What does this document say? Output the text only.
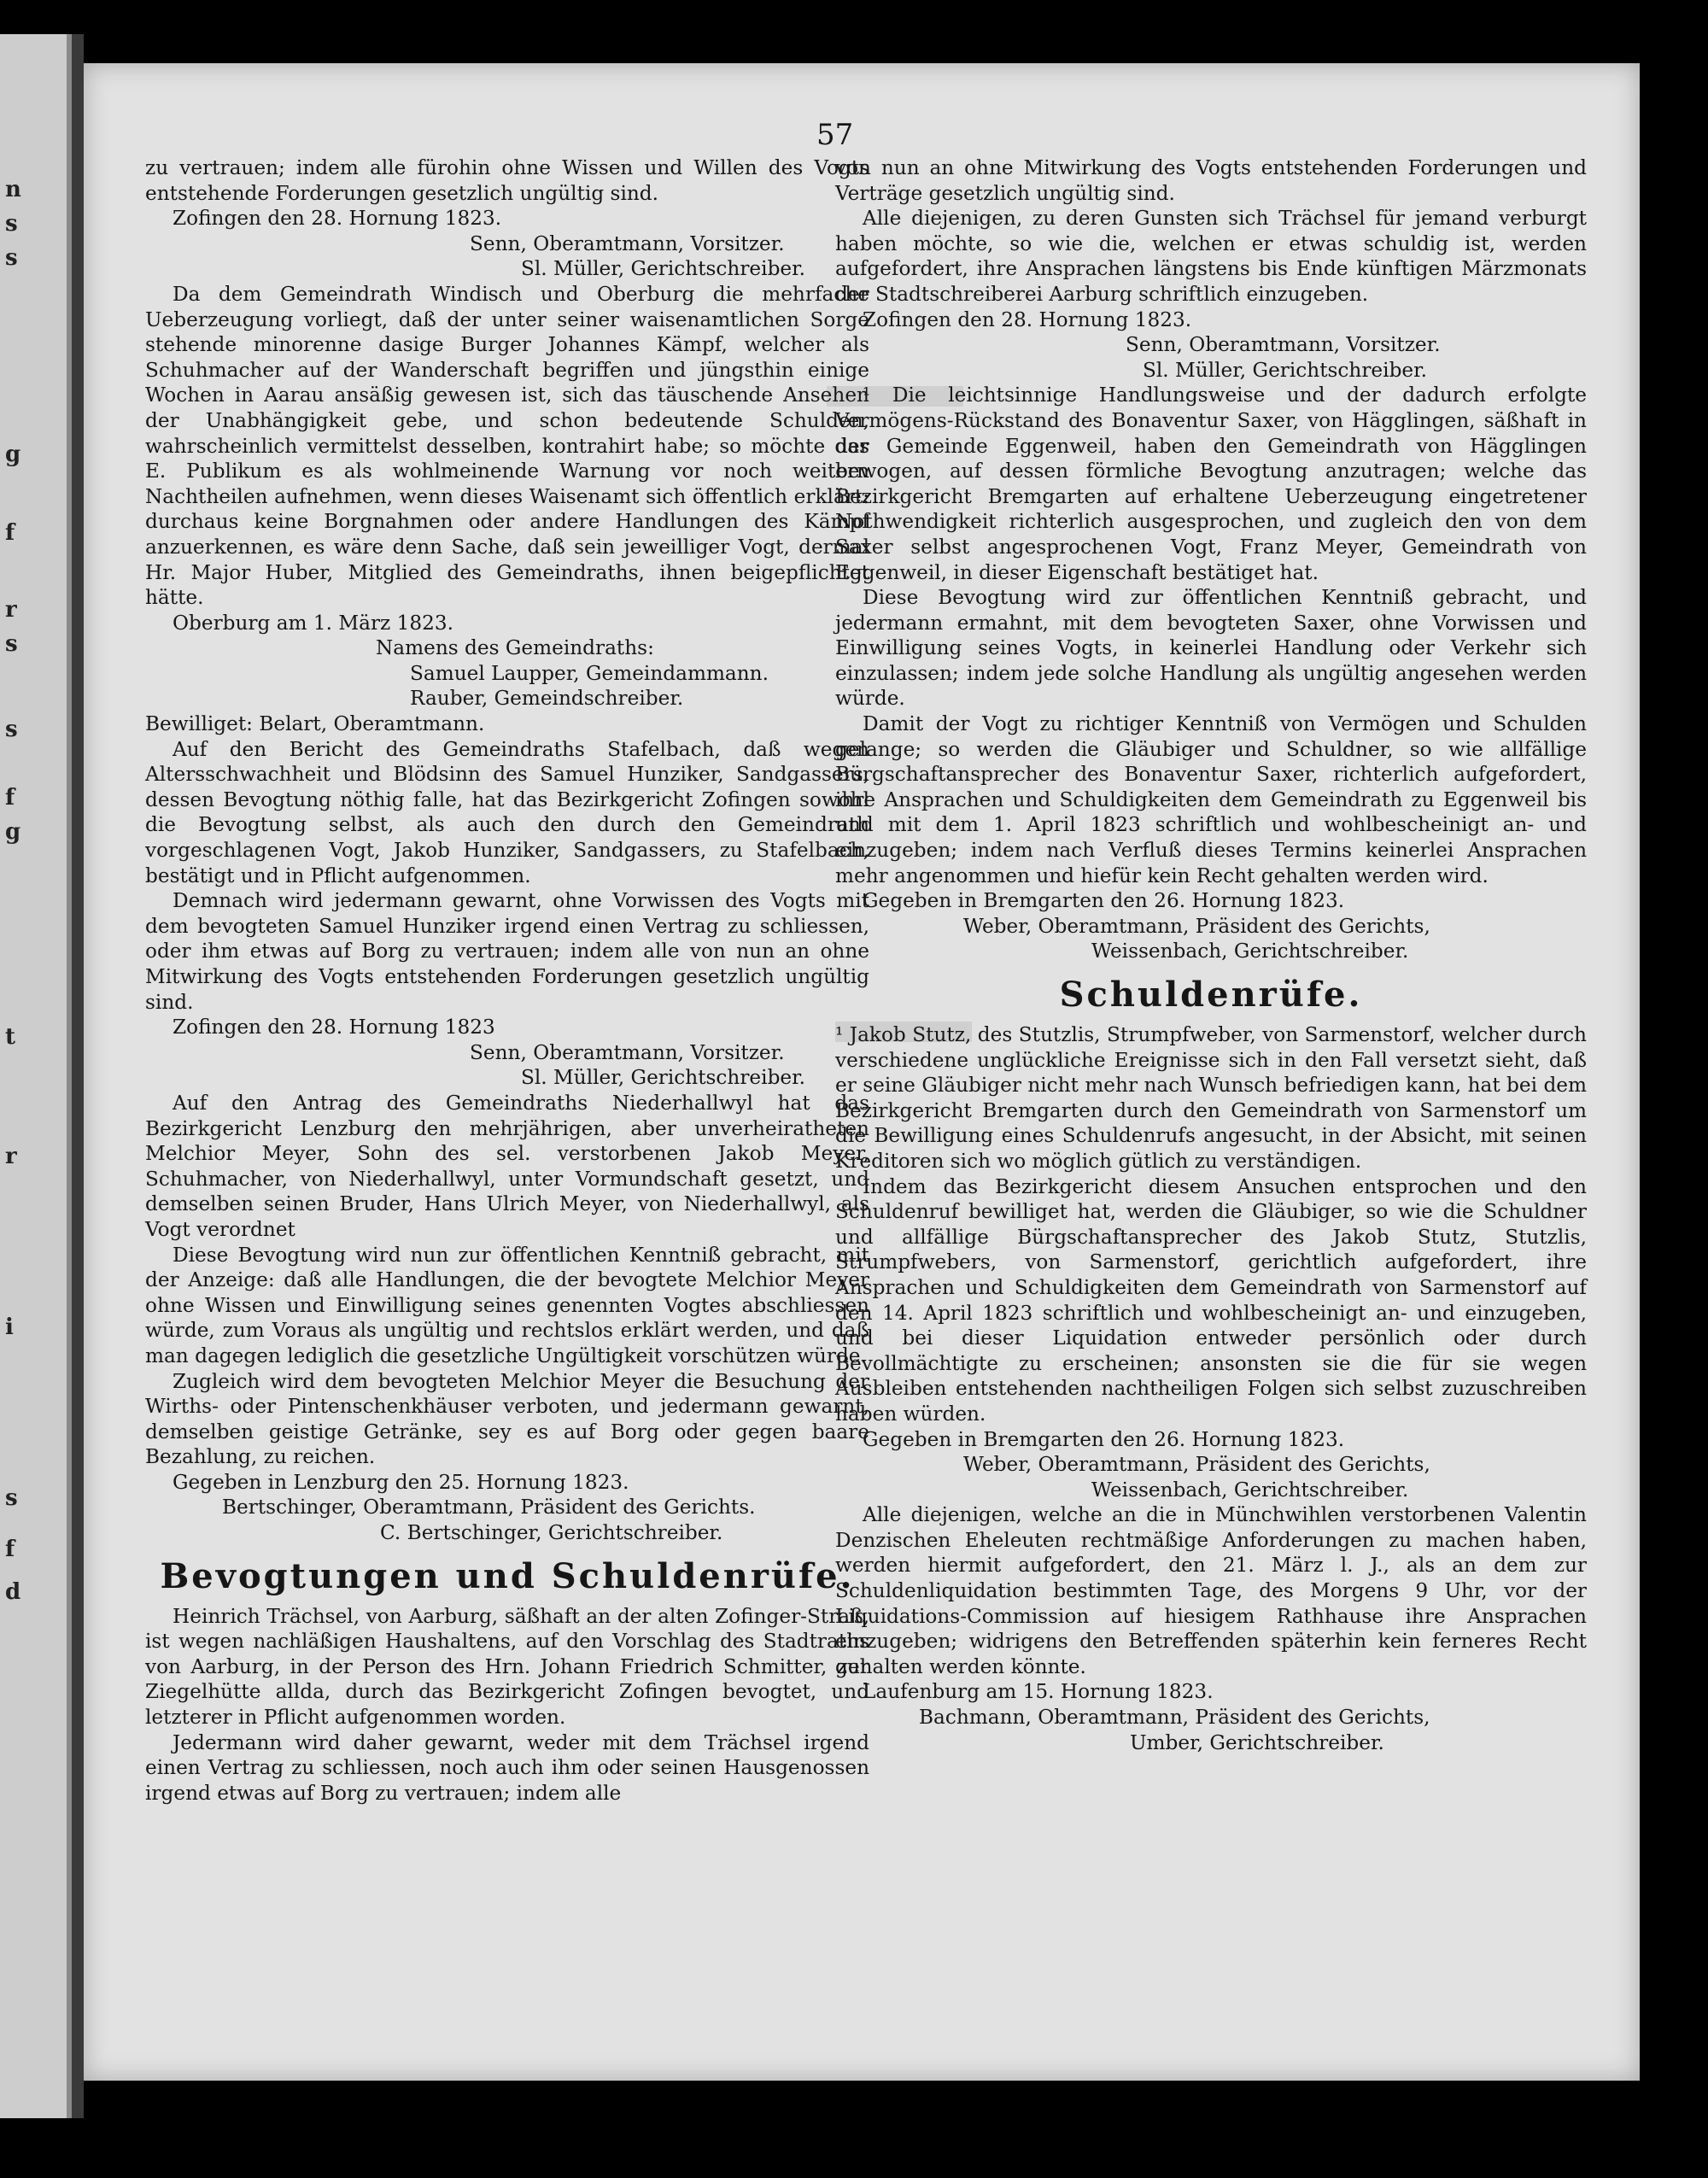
n
s
s
g
f
r
s
s
f
g
t
r
i
s
f
d
57

zu vertrauen; indem alle fürohin ohne Wissen und Willen des Vogts entstehende Forderungen gesetzlich ungültig sind.

Zofingen den 28. Hornung 1823.

Senn, Oberamtmann, Vorsitzer.

Sl. Müller, Gerichtschreiber.

Da dem Gemeindrath Windisch und Oberburg die mehrfache Ueberzeugung vorliegt, daß der unter seiner waisenamtlichen Sorge stehende minorenne dasige Burger Johannes Kämpf, welcher als Schuhmacher auf der Wanderschaft begriffen und jüngsthin einige Wochen in Aarau ansäßig gewesen ist, sich das täuschende Ansehen der Unabhängigkeit gebe, und schon bedeutende Schulden, wahrscheinlich vermittelst desselben, kontrahirt habe; so möchte das E. Publikum es als wohlmeinende Warnung vor noch weitern Nachtheilen aufnehmen, wenn dieses Waisenamt sich öffentlich erklärt: durchaus keine Borgnahmen oder andere Handlungen des Kämpf anzuerkennen, es wäre denn Sache, daß sein jeweilliger Vogt, dermal Hr. Major Huber, Mitglied des Gemeindraths, ihnen beigepflichtet hätte.

Oberburg am 1. März 1823.

Namens des Gemeindraths:

Samuel Laupper, Gemeindammann.

Rauber, Gemeindschreiber.

Bewilliget: Belart, Oberamtmann.

Auf den Bericht des Gemeindraths Stafelbach, daß wegen Altersschwachheit und Blödsinn des Samuel Hunziker, Sandgassers, dessen Bevogtung nöthig falle, hat das Bezirkgericht Zofingen sowohl die Bevogtung selbst, als auch den durch den Gemeindrath vorgeschlagenen Vogt, Jakob Hunziker, Sandgassers, zu Stafelbach, bestätigt und in Pflicht aufgenommen.

Demnach wird jedermann gewarnt, ohne Vorwissen des Vogts mit dem bevogteten Samuel Hunziker irgend einen Vertrag zu schliessen, oder ihm etwas auf Borg zu vertrauen; indem alle von nun an ohne Mitwirkung des Vogts entstehenden Forderungen gesetzlich ungültig sind.

Zofingen den 28. Hornung 1823

Senn, Oberamtmann, Vorsitzer.

Sl. Müller, Gerichtschreiber.

Auf den Antrag des Gemeindraths Niederhallwyl hat das Bezirkgericht Lenzburg den mehrjährigen, aber unverheiratheten Melchior Meyer, Sohn des sel. verstorbenen Jakob Meyer, Schuhmacher, von Niederhallwyl, unter Vormundschaft gesetzt, und demselben seinen Bruder, Hans Ulrich Meyer, von Niederhallwyl, als Vogt verordnet

Diese Bevogtung wird nun zur öffentlichen Kenntniß gebracht, mit der Anzeige: daß alle Handlungen, die der bevogtete Melchior Meyer ohne Wissen und Einwilligung seines genennten Vogtes abschliessen würde, zum Voraus als ungültig und rechtslos erklärt werden, und daß man dagegen lediglich die gesetzliche Ungültigkeit vorschützen würde.

Zugleich wird dem bevogteten Melchior Meyer die Besuchung der Wirths- oder Pintenschenkhäuser verboten, und jedermann gewarnt, demselben geistige Getränke, sey es auf Borg oder gegen baare Bezahlung, zu reichen.

Gegeben in Lenzburg den 25. Hornung 1823.

Bertschinger, Oberamtmann, Präsident des Gerichts.

C. Bertschinger, Gerichtschreiber.

Bevogtungen und Schuldenrüfe.

Heinrich Trächsel, von Aarburg, säßhaft an der alten Zofinger-Straß, ist wegen nachläßigen Haushaltens, auf den Vorschlag des Stadtraths von Aarburg, in der Person des Hrn. Johann Friedrich Schmitter, zur Ziegelhütte allda, durch das Bezirkgericht Zofingen bevogtet, und letzterer in Pflicht aufgenommen worden.

Jedermann wird daher gewarnt, weder mit dem Trächsel irgend einen Vertrag zu schliessen, noch auch ihm oder seinen Hausgenossen irgend etwas auf Borg zu vertrauen; indem alle

von nun an ohne Mitwirkung des Vogts entstehenden Forderungen und Verträge gesetzlich ungültig sind.

Alle diejenigen, zu deren Gunsten sich Trächsel für jemand verburgt haben möchte, so wie die, welchen er etwas schuldig ist, werden aufgefordert, ihre Ansprachen längstens bis Ende künftigen Märzmonats der Stadtschreiberei Aarburg schriftlich einzugeben.

Zofingen den 28. Hornung 1823.

Senn, Oberamtmann, Vorsitzer.

Sl. Müller, Gerichtschreiber.

¹ Die leichtsinnige Handlungsweise und der dadurch erfolgte Vermögens-Rückstand des Bonaventur Saxer, von Hägglingen, säßhaft in der Gemeinde Eggenweil, haben den Gemeindrath von Hägglingen bewogen, auf dessen förmliche Bevogtung anzutragen; welche das Bezirkgericht Bremgarten auf erhaltene Ueberzeugung eingetretener Nothwendigkeit richterlich ausgesprochen, und zugleich den von dem Saxer selbst angesprochenen Vogt, Franz Meyer, Gemeindrath von Eggenweil, in dieser Eigenschaft bestätiget hat.

Diese Bevogtung wird zur öffentlichen Kenntniß gebracht, und jedermann ermahnt, mit dem bevogteten Saxer, ohne Vorwissen und Einwilligung seines Vogts, in keinerlei Handlung oder Verkehr sich einzulassen; indem jede solche Handlung als ungültig angesehen werden würde.

Damit der Vogt zu richtiger Kenntniß von Vermögen und Schulden gelange; so werden die Gläubiger und Schuldner, so wie allfällige Bürgschaftansprecher des Bonaventur Saxer, richterlich aufgefordert, ihre Ansprachen und Schuldigkeiten dem Gemeindrath zu Eggenweil bis und mit dem 1. April 1823 schriftlich und wohlbescheinigt an- und einzugeben; indem nach Verfluß dieses Termins keinerlei Ansprachen mehr angenommen und hiefür kein Recht gehalten werden wird.

Gegeben in Bremgarten den 26. Hornung 1823.

Weber, Oberamtmann, Präsident des Gerichts,

Weissenbach, Gerichtschreiber.

Schuldenrüfe.

¹ Jakob Stutz, des Stutzlis, Strumpfweber, von Sarmenstorf, welcher durch verschiedene unglückliche Ereignisse sich in den Fall versetzt sieht, daß er seine Gläubiger nicht mehr nach Wunsch befriedigen kann, hat bei dem Bezirkgericht Bremgarten durch den Gemeindrath von Sarmenstorf um die Bewilligung eines Schuldenrufs angesucht, in der Absicht, mit seinen Kreditoren sich wo möglich gütlich zu verständigen.

Indem das Bezirkgericht diesem Ansuchen entsprochen und den Schuldenruf bewilliget hat, werden die Gläubiger, so wie die Schuldner und allfällige Bürgschaftansprecher des Jakob Stutz, Stutzlis, Strumpfwebers, von Sarmenstorf, gerichtlich aufgefordert, ihre Ansprachen und Schuldigkeiten dem Gemeindrath von Sarmenstorf auf den 14. April 1823 schriftlich und wohlbescheinigt an- und einzugeben, und bei dieser Liquidation entweder persönlich oder durch Bevollmächtigte zu erscheinen; ansonsten sie die für sie wegen Ausbleiben entstehenden nachtheiligen Folgen sich selbst zuzuschreiben haben würden.

Gegeben in Bremgarten den 26. Hornung 1823.

Weber, Oberamtmann, Präsident des Gerichts,

Weissenbach, Gerichtschreiber.

Alle diejenigen, welche an die in Münchwihlen verstorbenen Valentin Denzischen Eheleuten rechtmäßige Anforderungen zu machen haben, werden hiermit aufgefordert, den 21. März l. J., als an dem zur Schuldenliquidation bestimmten Tage, des Morgens 9 Uhr, vor der Liquidations-Commission auf hiesigem Rathhause ihre Ansprachen einzugeben; widrigens den Betreffenden späterhin kein ferneres Recht gehalten werden könnte.

Laufenburg am 15. Hornung 1823.

Bachmann, Oberamtmann, Präsident des Gerichts,

Umber, Gerichtschreiber.
